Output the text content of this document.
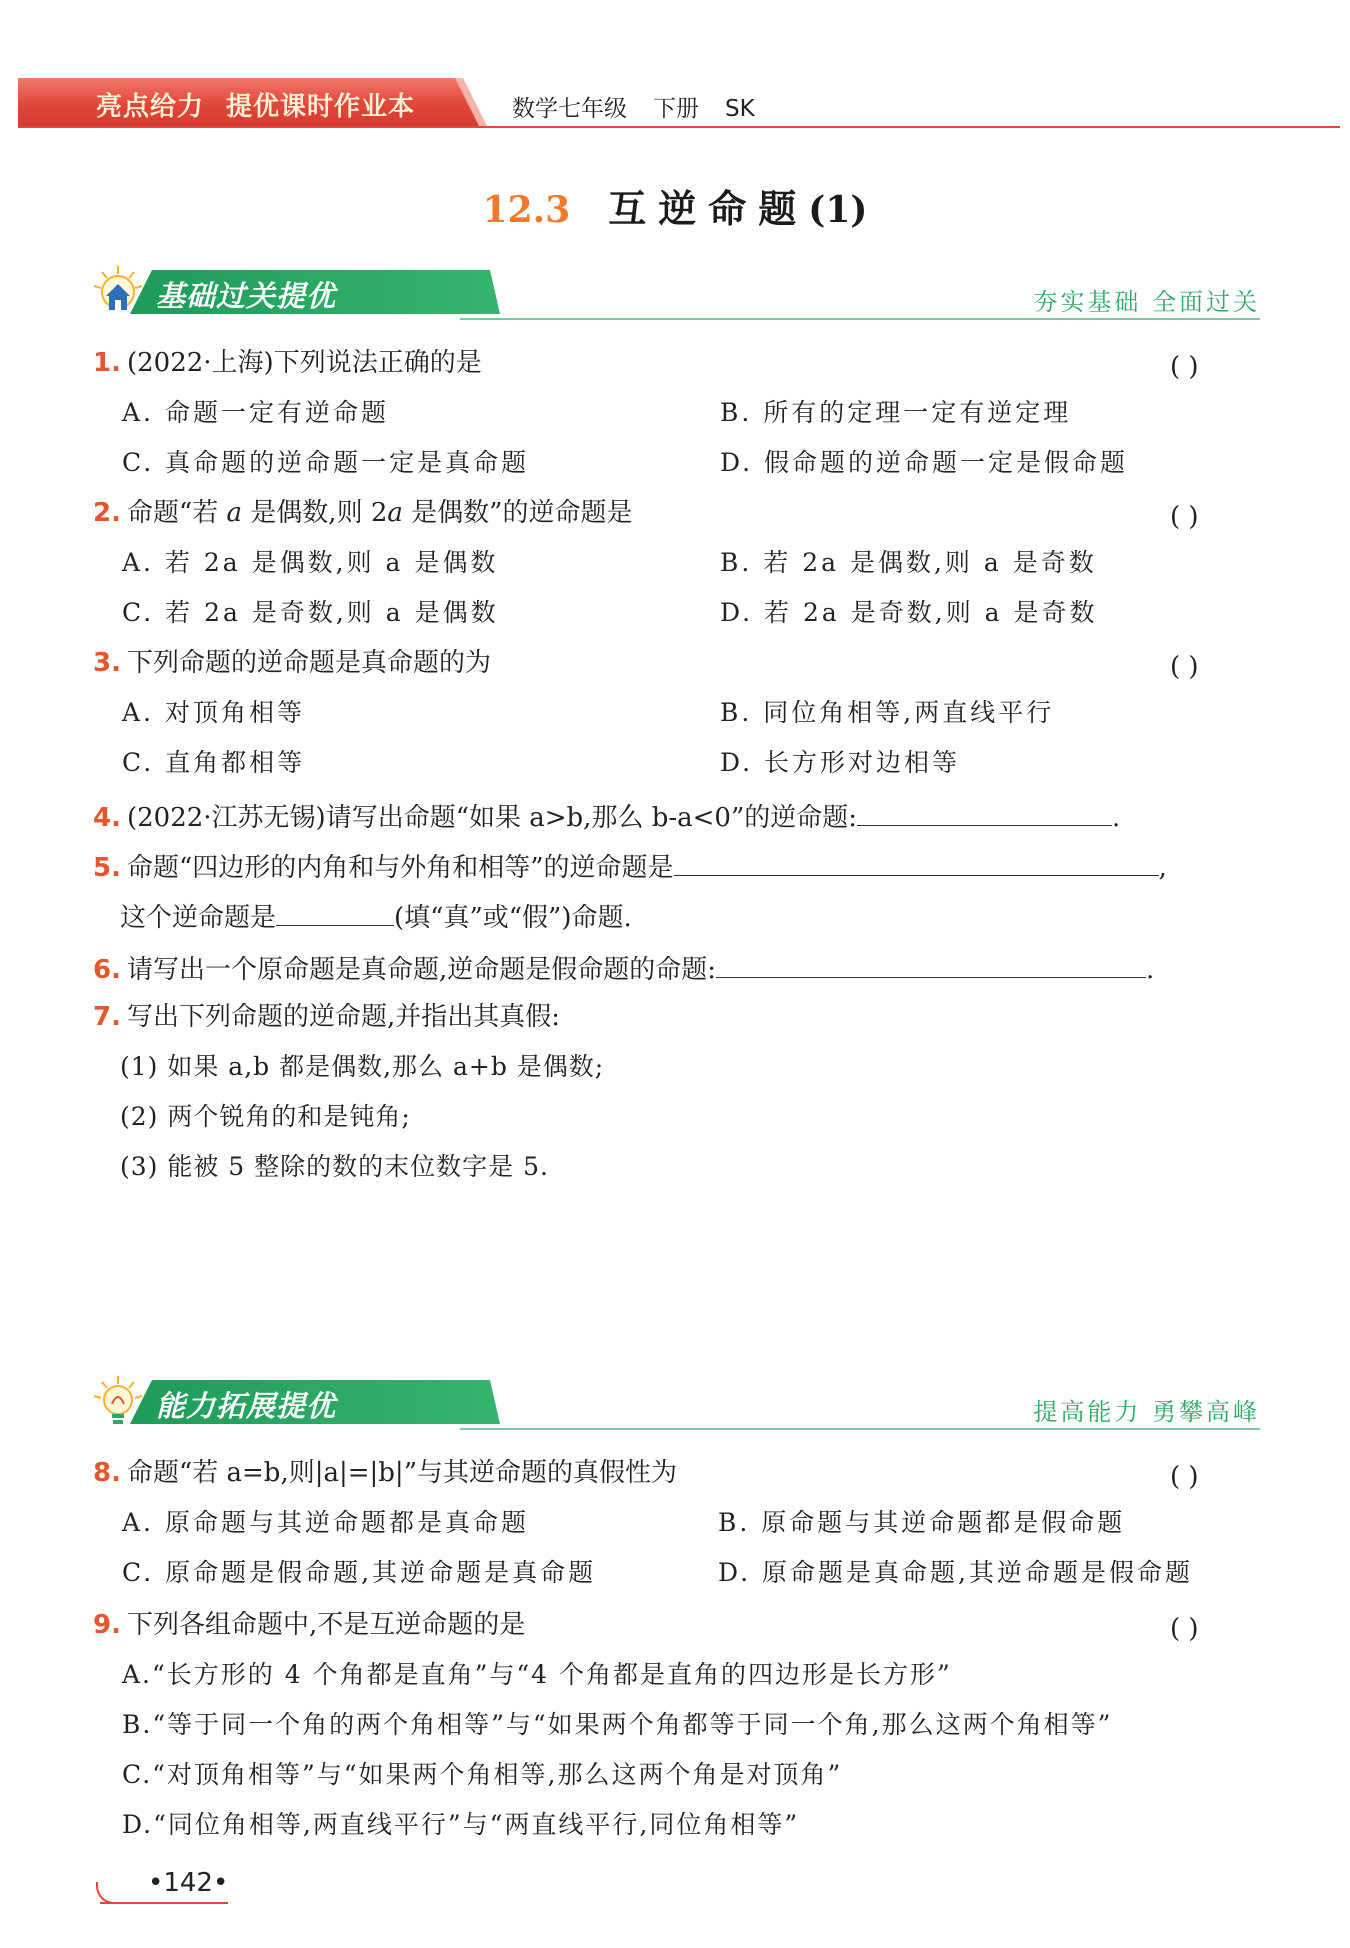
亮点给力 提优课时作业本	数学七年级 下册 SK
12.3 互逆命题(1)
基础过关提优	夯实基础 全面过关
1. (2022·上海)下列说法正确的是	( )
A. 命题一定有逆命题	B. 所有的定理一定有逆定理
C. 真命题的逆命题一定是真命题	D. 假命题的逆命题一定是假命题
2. 命题“若 a 是偶数,则 2a 是偶数”的逆命题是	( )
A. 若 2a 是偶数,则 a 是偶数	B. 若 2a 是偶数,则 a 是奇数
C. 若 2a 是奇数,则 a 是偶数	D. 若 2a 是奇数,则 a 是奇数
3. 下列命题的逆命题是真命题的为	( )
A. 对顶角相等	B. 同位角相等,两直线平行
C. 直角都相等	D. 长方形对边相等
4. (2022·江苏无锡)请写出命题“如果 a>b,那么 b-a<0”的逆命题:	.
5. 命题“四边形的内角和与外角和相等”的逆命题是	,
这个逆命题是	(填“真”或“假”)命题.
6. 请写出一个原命题是真命题,逆命题是假命题的命题:	.
7. 写出下列命题的逆命题,并指出其真假:
(1) 如果 a,b 都是偶数,那么 a+b 是偶数;
(2) 两个锐角的和是钝角;
(3) 能被 5 整除的数的末位数字是 5.
能力拓展提优	提高能力 勇攀高峰
8. 命题“若 a=b,则|a|=|b|”与其逆命题的真假性为	( )
A. 原命题与其逆命题都是真命题	B. 原命题与其逆命题都是假命题
C. 原命题是假命题,其逆命题是真命题	D. 原命题是真命题,其逆命题是假命题
9. 下列各组命题中,不是互逆命题的是	( )
A.“长方形的 4 个角都是直角”与“4 个角都是直角的四边形是长方形”
B.“等于同一个角的两个角相等”与“如果两个角都等于同一个角,那么这两个角相等”
C.“对顶角相等”与“如果两个角相等,那么这两个角是对顶角”
D.“同位角相等,两直线平行”与“两直线平行,同位角相等”
•142•
